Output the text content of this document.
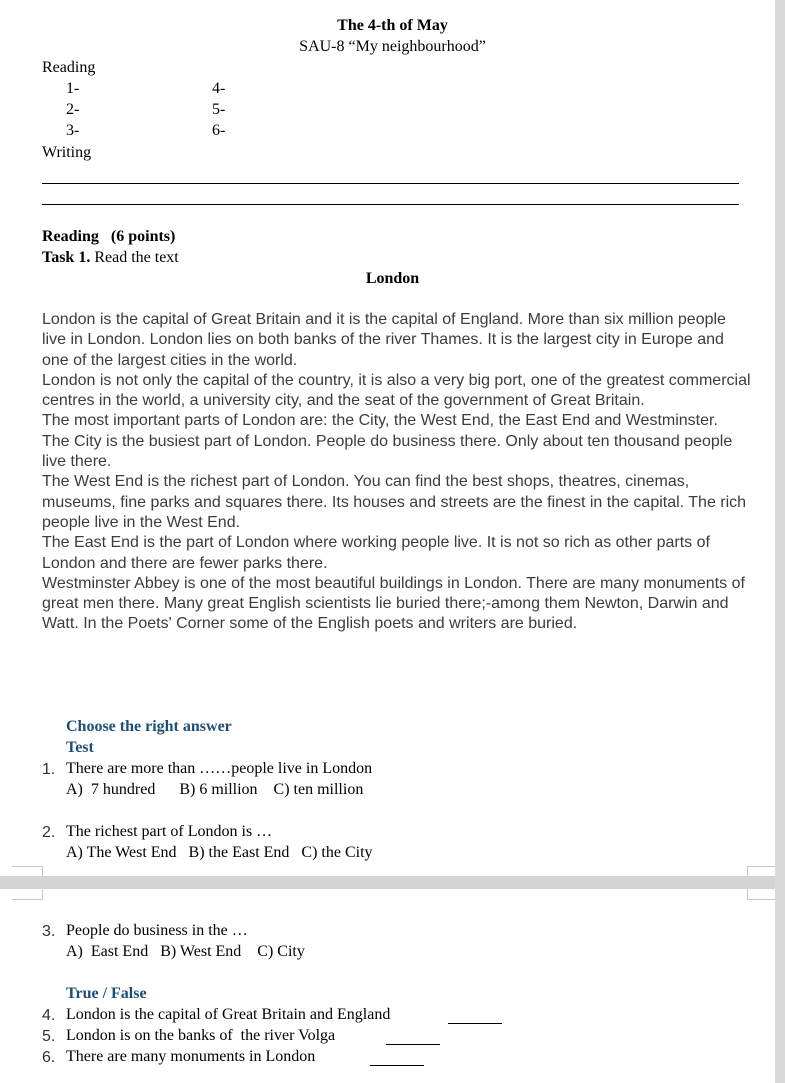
The 4-th of May
SAU-8 “My neighbourhood”
Reading
1-
2-
3-
4-
5-
6-
Writing
Reading   (6 points)
Task 1. Read the text
London

London is the capital of Great Britain and it is the capital of England. More than six million people live in London. London lies on both banks of the river Thames. It is the largest city in Europe and one of the largest cities in the world.

London is not only the capital of the country, it is also a very big port, one of the greatest commercial centres in the world, a university city, and the seat of the government of Great Britain.

The most important parts of London are: the City, the West End, the East End and Westminster.

The City is the busiest part of London. People do business there. Only about ten thousand people live there.

The West End is the richest part of London. You can find the best shops, theatres, cinemas, museums, fine parks and squares there. Its houses and streets are the finest in the capital. The rich people live in the West End.

The East End is the part of London where working people live. It is not so rich as other parts of London and there are fewer parks there.

Westminster Abbey is one of the most beautiful buildings in London. There are many monuments of great men there. Many great English scientists lie buried there;-among them Newton, Darwin and Watt. In the Poets' Corner some of the English poets and writers are buried.

Choose the right answer
Test
1. There are more than ……people live in London
A)  7 hundred      B) 6 million    C) ten million
2. The richest part of London is …
A) The West End   B) the East End   C) the City
3. People do business in the …
A)  East End   B) West End    C) City
True / False
4. London is the capital of Great Britain and England
5. London is on the banks of  the river Volga
6. There are many monuments in London
